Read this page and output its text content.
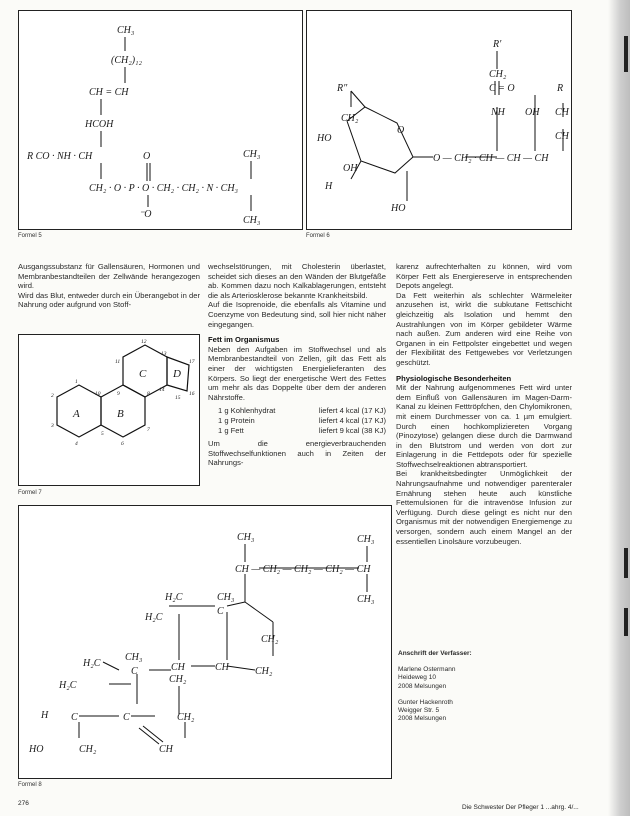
CH₃
(CH₂)₁₂
CH = CH
HCOH
R CO · NH · CH
CH₂ · O · P · O · CH₂ · CH₂ · N · CH₃
O
⁻O
CH₃
CH₃
Formel 5
R″
CH₂
HO
OH
H
O
HO
O — CH₂ · CH — CH — CH
R′
CH₂
C = O
NH OH
R
CH
CH
Formel 6
A	B
C D
1
2
3
4
5
6
7
8
9
10
11
12
13
14
15
16
17
Formel 7
CH₃	CH₃
CH — CH₂ — CH₂ — CH₂ — CH
CH₃
H₂C	CH₃
H₂C
C
CH₂
CH₃
H₂C
C	CH	CH	CH₂
H₂C
CH₂
H C	C	CH₂
HO	CH₂	CH
Formel 8

Ausgangssubstanz für Gallensäuren, Hormonen und Membranbestandteilen der Zellwände herangezogen wird.

Wird das Blut, entweder durch ein Überangebot in der Nahrung oder aufgrund von Stoff-

wechselstörungen, mit Cholesterin überlastet, scheidet sich dieses an den Wänden der Blutgefäße ab. Kommen dazu noch Kalkablagerungen, entsteht die als Arteriosklerose bekannte Krankheitsbild.

Auf die Isoprenoide, die ebenfalls als Vitamine und Coenzyme von Bedeutung sind, soll hier nicht näher eingegangen.

Fett im Organismus

Neben den Aufgaben im Stoffwechsel und als Membranbestandteil von Zellen, gilt das Fett als einer der wichtigsten Energielieferanten des Körpers. So liegt der energetische Wert des Fettes um mehr als das Doppelte über dem der anderen Nährstoffe.

1 g Kohlenhydrat	liefert 4 kcal (17 KJ)
1 g Protein	liefert 4 kcal (17 KJ)
1 g Fett	liefert 9 kcal (38 KJ)

Um die energieverbrauchenden Stoffwechselfunktionen auch in Zeiten der Nahrungs-

karenz aufrechterhalten zu können, wird vom Körper Fett als Energiereserve in entsprechenden Depots angelegt.

Da Fett weiterhin als schlechter Wärmeleiter anzusehen ist, wirkt die subkutane Fettschicht gleichzeitig als Isolation und hemmt den Austrahlungen von im Körper gebildeter Wärme nach außen. Zum anderen wird eine Reihe von Organen in ein Fettpolster eingebettet und wegen der Flexibilität des Fettgewebes vor Verletzungen geschützt.

Physiologische Besonderheiten

Mit der Nahrung aufgenommenes Fett wird unter dem Einfluß von Gallensäuren im Magen-Darm-Kanal zu kleinen Fetttröpfchen, den Chylomikronen, mit einem Durchmesser von ca. 1 µm emulgiert. Durch einen hochkompliziereten Vorgang (Pinozytose) gelangen diese durch die Darmwand in den Blutstrom und werden von dort zur Einlagerung in die Fettdepots oder für spezielle Stoffwechselreaktionen abtransportiert.

Bei krankheitsbedingter Unmöglichkeit der Nahrungsaufnahme und notwendiger parenteraler Ernährung stehen heute auch künstliche Fettemulsionen für die intravenöse Infusion zur Verfügung. Durch diese gelingt es nicht nur den Organismus mit der notwendigen Energiemenge zu versorgen, sondern auch einem Mangel an der essentiellen Linolsäure vorzubeugen.

Anschrift der Verfasser:

Marlene Ostermann

Heideweg 10

2008 Melsungen

Gunter Hackenroth

Weigger Str. 5

2008 Melsungen

276
Die Schwester Der Pfleger 1 ...ahrg. 4/...
